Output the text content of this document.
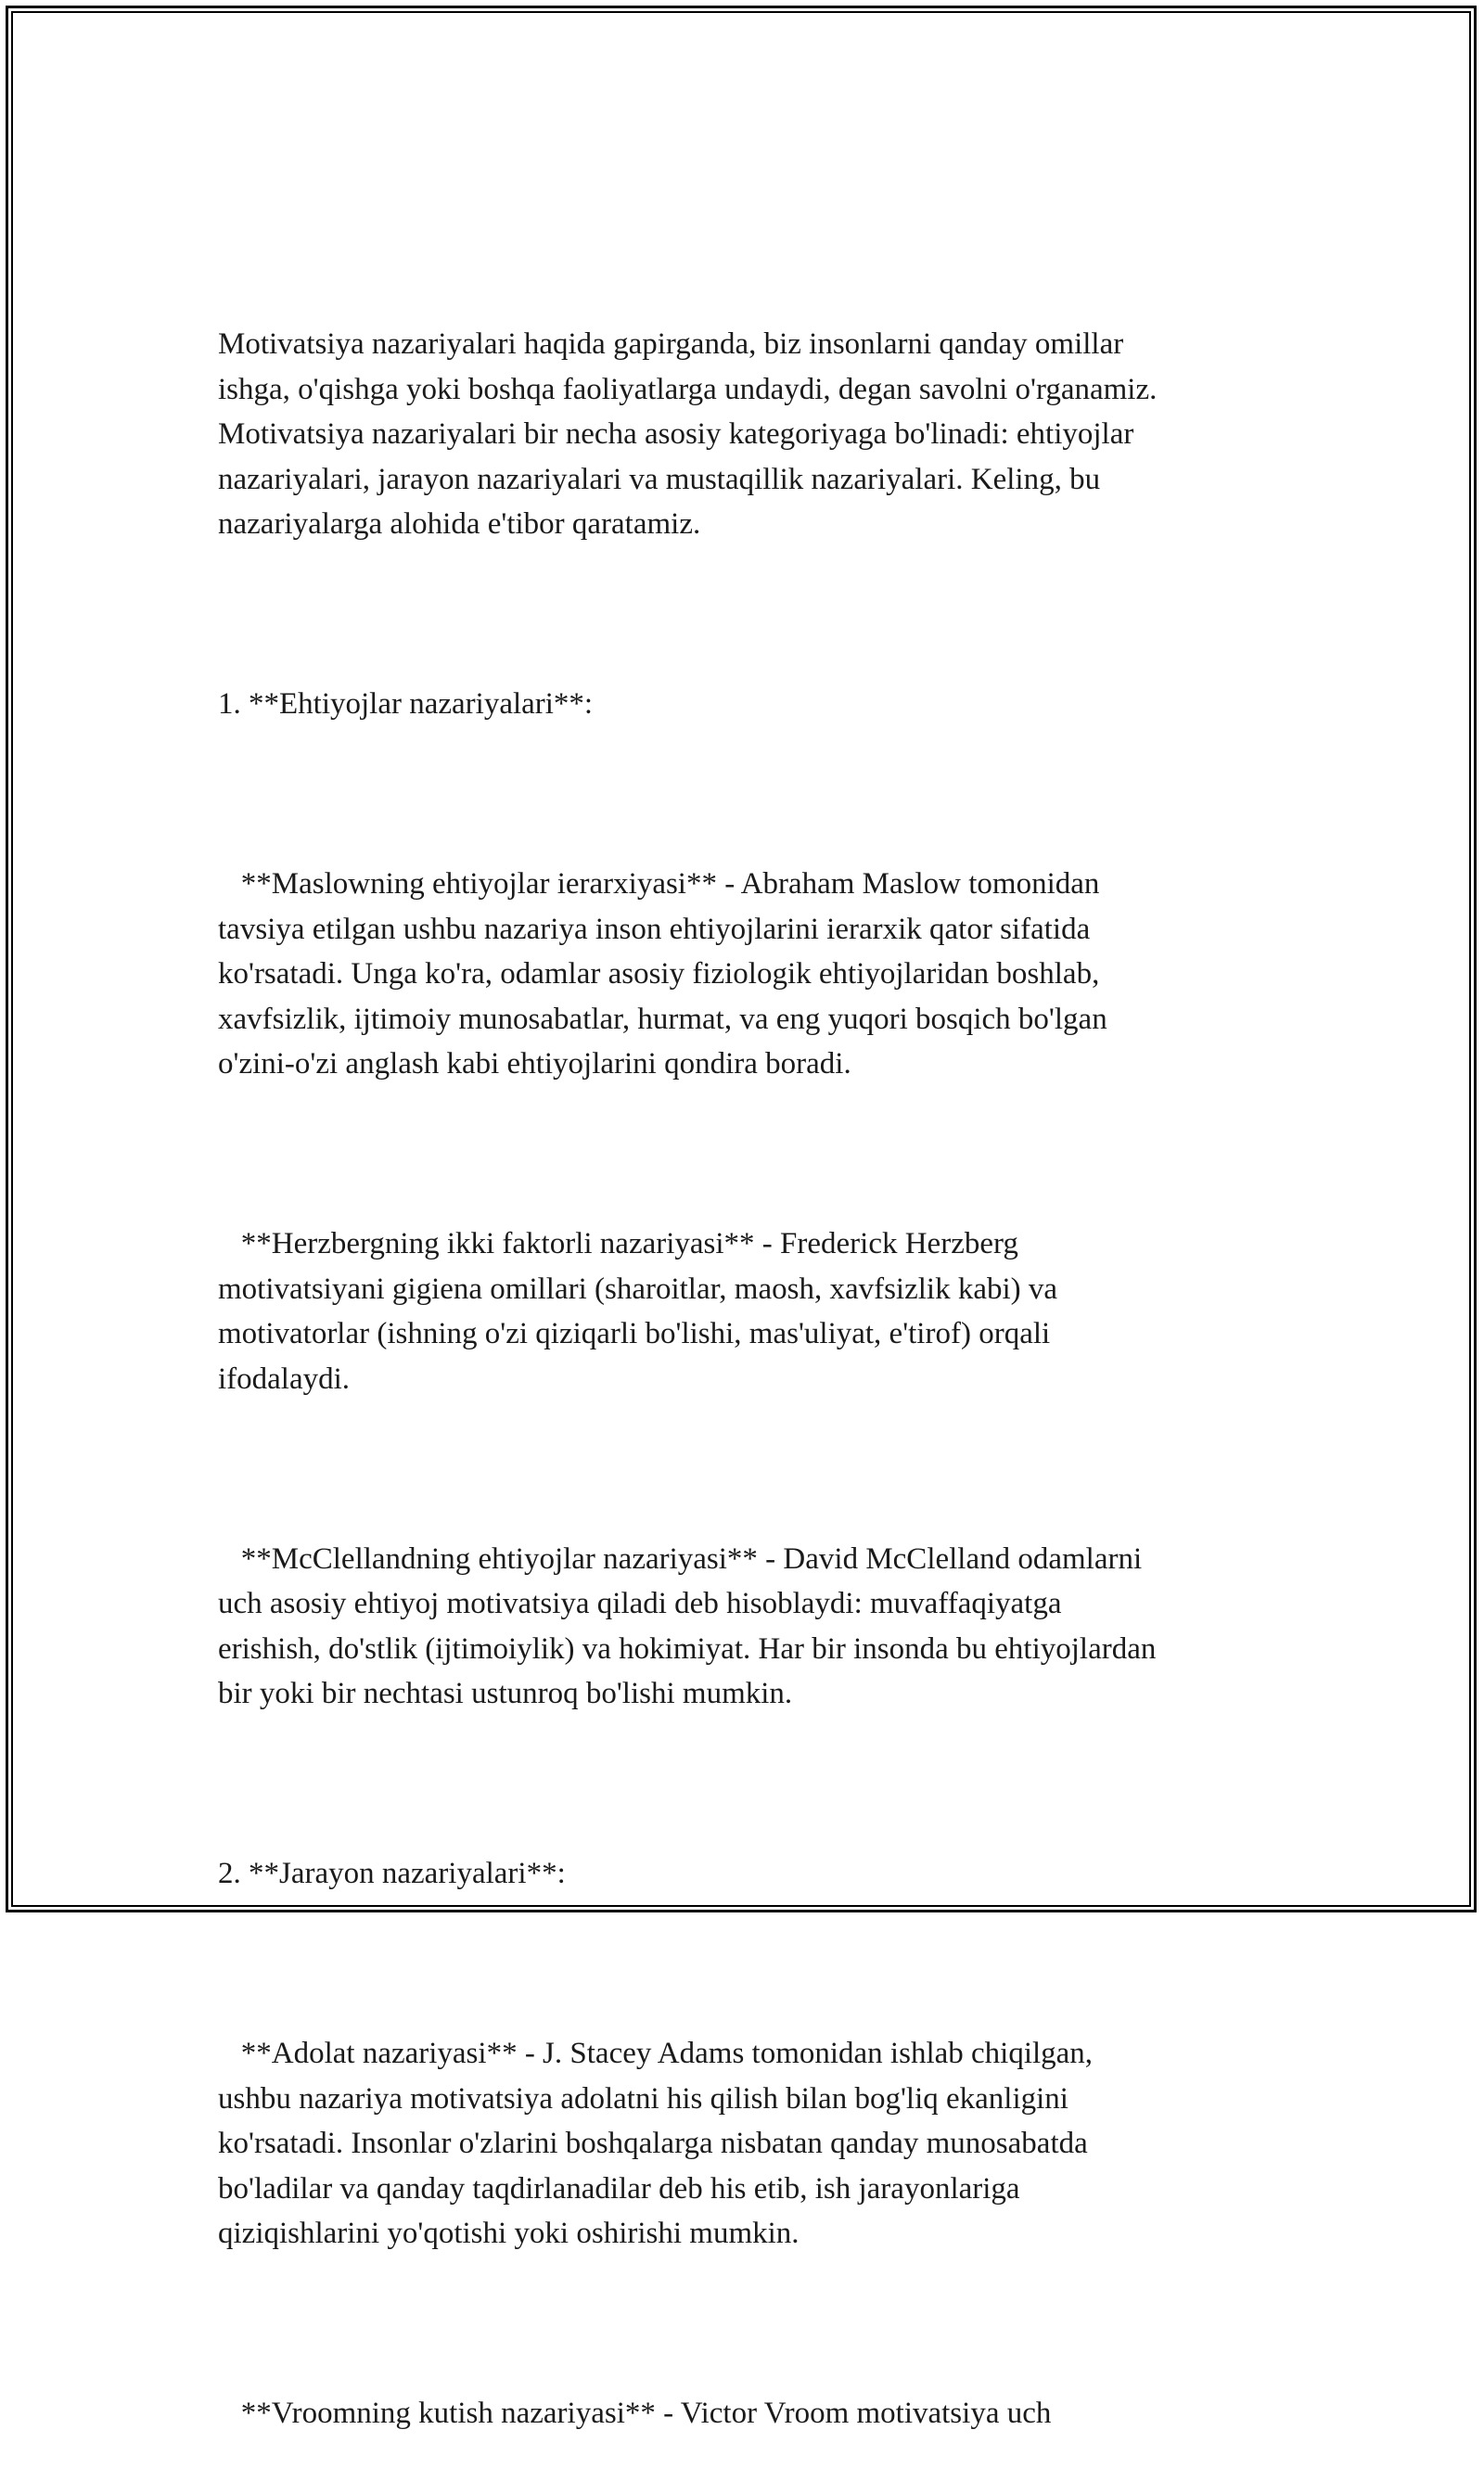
Motivatsiya nazariyalari haqida gapirganda, biz insonlarni qanday omillar
ishga, o'qishga yoki boshqa faoliyatlarga undaydi, degan savolni o'rganamiz.
Motivatsiya nazariyalari bir necha asosiy kategoriyaga bo'linadi: ehtiyojlar
nazariyalari, jarayon nazariyalari va mustaqillik nazariyalari. Keling, bu
nazariyalarga alohida e'tibor qaratamiz.

1. **Ehtiyojlar nazariyalari**:

**Maslowning ehtiyojlar ierarxiyasi** - Abraham Maslow tomonidan
tavsiya etilgan ushbu nazariya inson ehtiyojlarini ierarxik qator sifatida
ko'rsatadi. Unga ko'ra, odamlar asosiy fiziologik ehtiyojlaridan boshlab,
xavfsizlik, ijtimoiy munosabatlar, hurmat, va eng yuqori bosqich bo'lgan
o'zini-o'zi anglash kabi ehtiyojlarini qondira boradi.

**Herzbergning ikki faktorli nazariyasi** - Frederick Herzberg
motivatsiyani gigiena omillari (sharoitlar, maosh, xavfsizlik kabi) va
motivatorlar (ishning o'zi qiziqarli bo'lishi, mas'uliyat, e'tirof) orqali
ifodalaydi.

**McClellandning ehtiyojlar nazariyasi** - David McClelland odamlarni
uch asosiy ehtiyoj motivatsiya qiladi deb hisoblaydi: muvaffaqiyatga
erishish, do'stlik (ijtimoiylik) va hokimiyat. Har bir insonda bu ehtiyojlardan
bir yoki bir nechtasi ustunroq bo'lishi mumkin.

2. **Jarayon nazariyalari**:

**Adolat nazariyasi** - J. Stacey Adams tomonidan ishlab chiqilgan,
ushbu nazariya motivatsiya adolatni his qilish bilan bog'liq ekanligini
ko'rsatadi. Insonlar o'zlarini boshqalarga nisbatan qanday munosabatda
bo'ladilar va qanday taqdirlanadilar deb his etib, ish jarayonlariga
qiziqishlarini yo'qotishi yoki oshirishi mumkin.

**Vroomning kutish nazariyasi** - Victor Vroom motivatsiya uch
